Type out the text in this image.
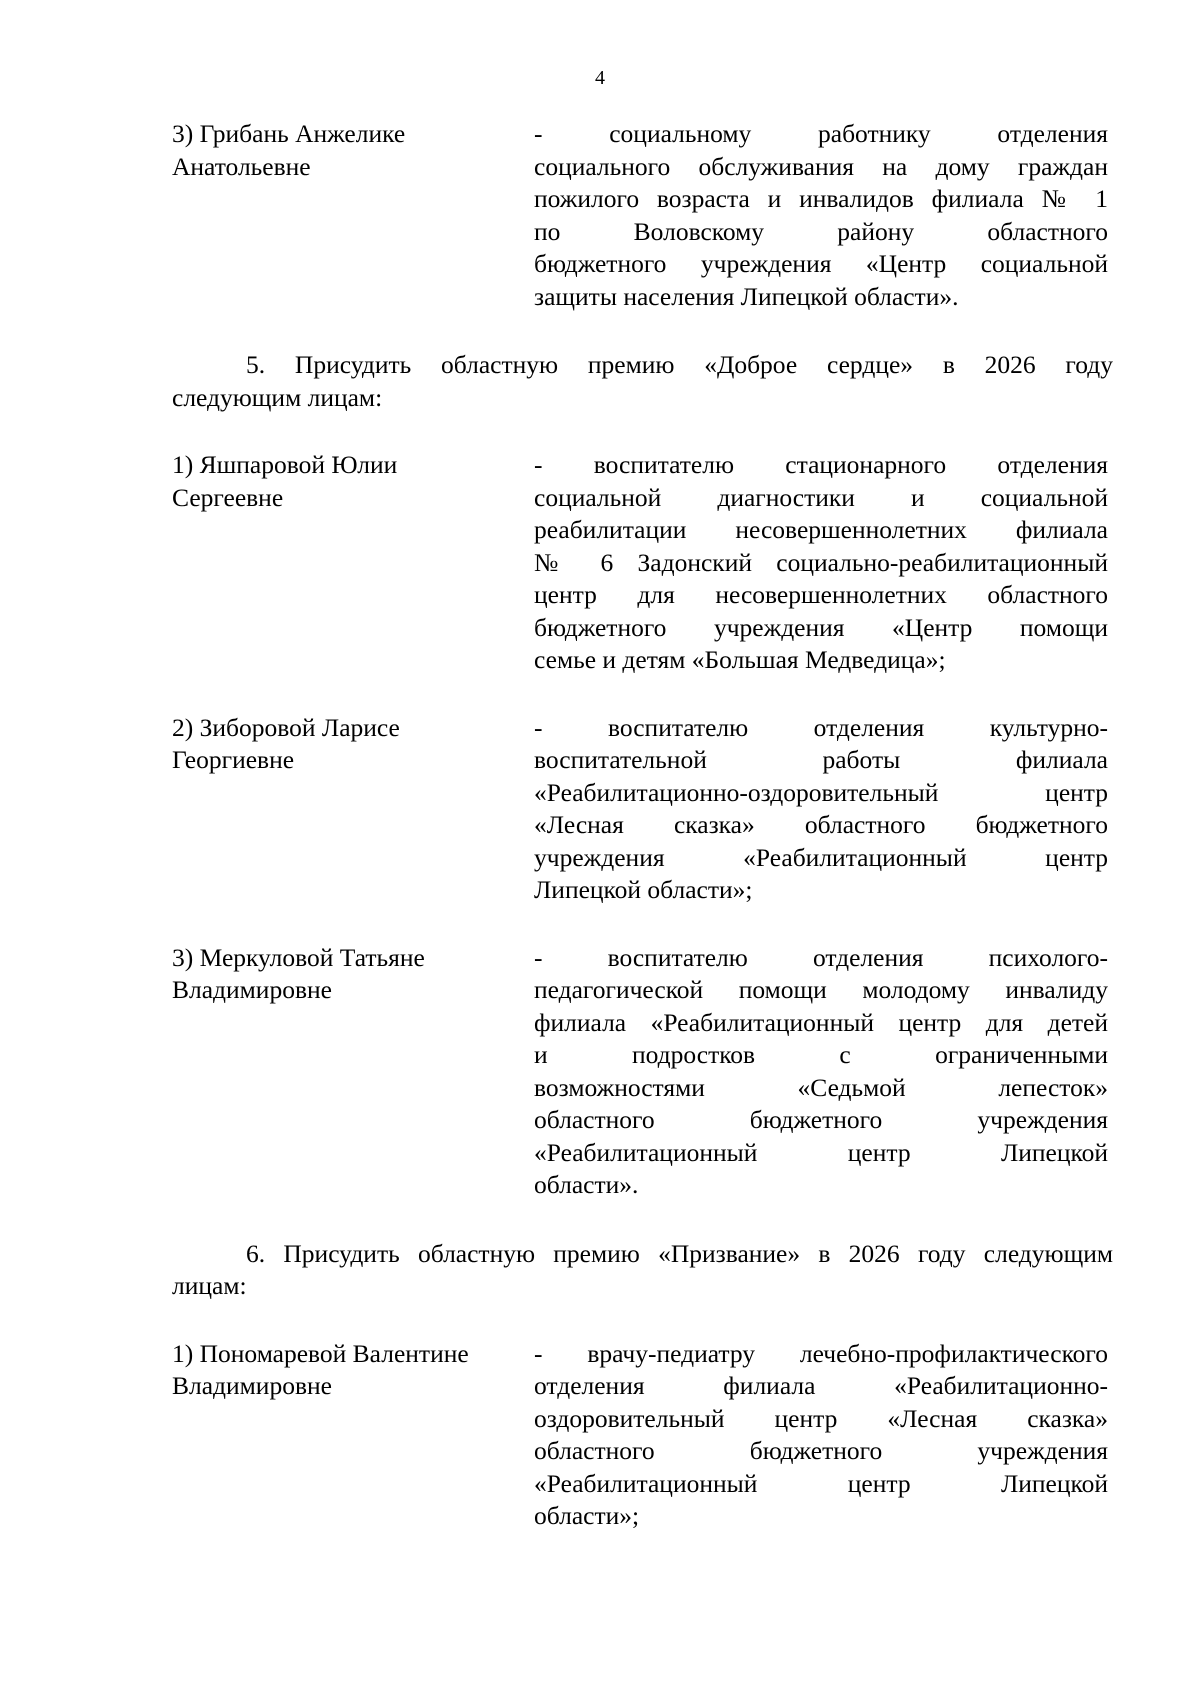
4
3) Грибань Анжелике
Анатольевне
- социальному работнику отделения
социального обслуживания на дому граждан
пожилого возраста и инвалидов филиала № 1
по Воловскому району областного
бюджетного учреждения «Центр социальной
защиты населения Липецкой области».

5. Присудить областную премию «Доброе сердце» в 2026 году
следующим лицам:

1) Яшпаровой Юлии
Сергеевне
- воспитателю стационарного отделения
социальной диагностики и социальной
реабилитации несовершеннолетних филиала
№ 6 Задонский социально-реабилитационный
центр для несовершеннолетних областного
бюджетного учреждения «Центр помощи
семье и детям «Большая Медведица»;
2) Зиборовой Ларисе
Георгиевне
- воспитателю отделения культурно-
воспитательной работы филиала
«Реабилитационно-оздоровительный центр
«Лесная сказка» областного бюджетного
учреждения «Реабилитационный центр
Липецкой области»;
3) Меркуловой Татьяне
Владимировне
- воспитателю отделения психолого-
педагогической помощи молодому инвалиду
филиала «Реабилитационный центр для детей
и подростков с ограниченными
возможностями «Седьмой лепесток»
областного бюджетного учреждения
«Реабилитационный центр Липецкой
области».

6. Присудить областную премию «Призвание» в 2026 году следующим
лицам:

1) Пономаревой Валентине
Владимировне
- врачу-педиатру лечебно-профилактического
отделения филиала «Реабилитационно-
оздоровительный центр «Лесная сказка»
областного бюджетного учреждения
«Реабилитационный центр Липецкой
области»;
